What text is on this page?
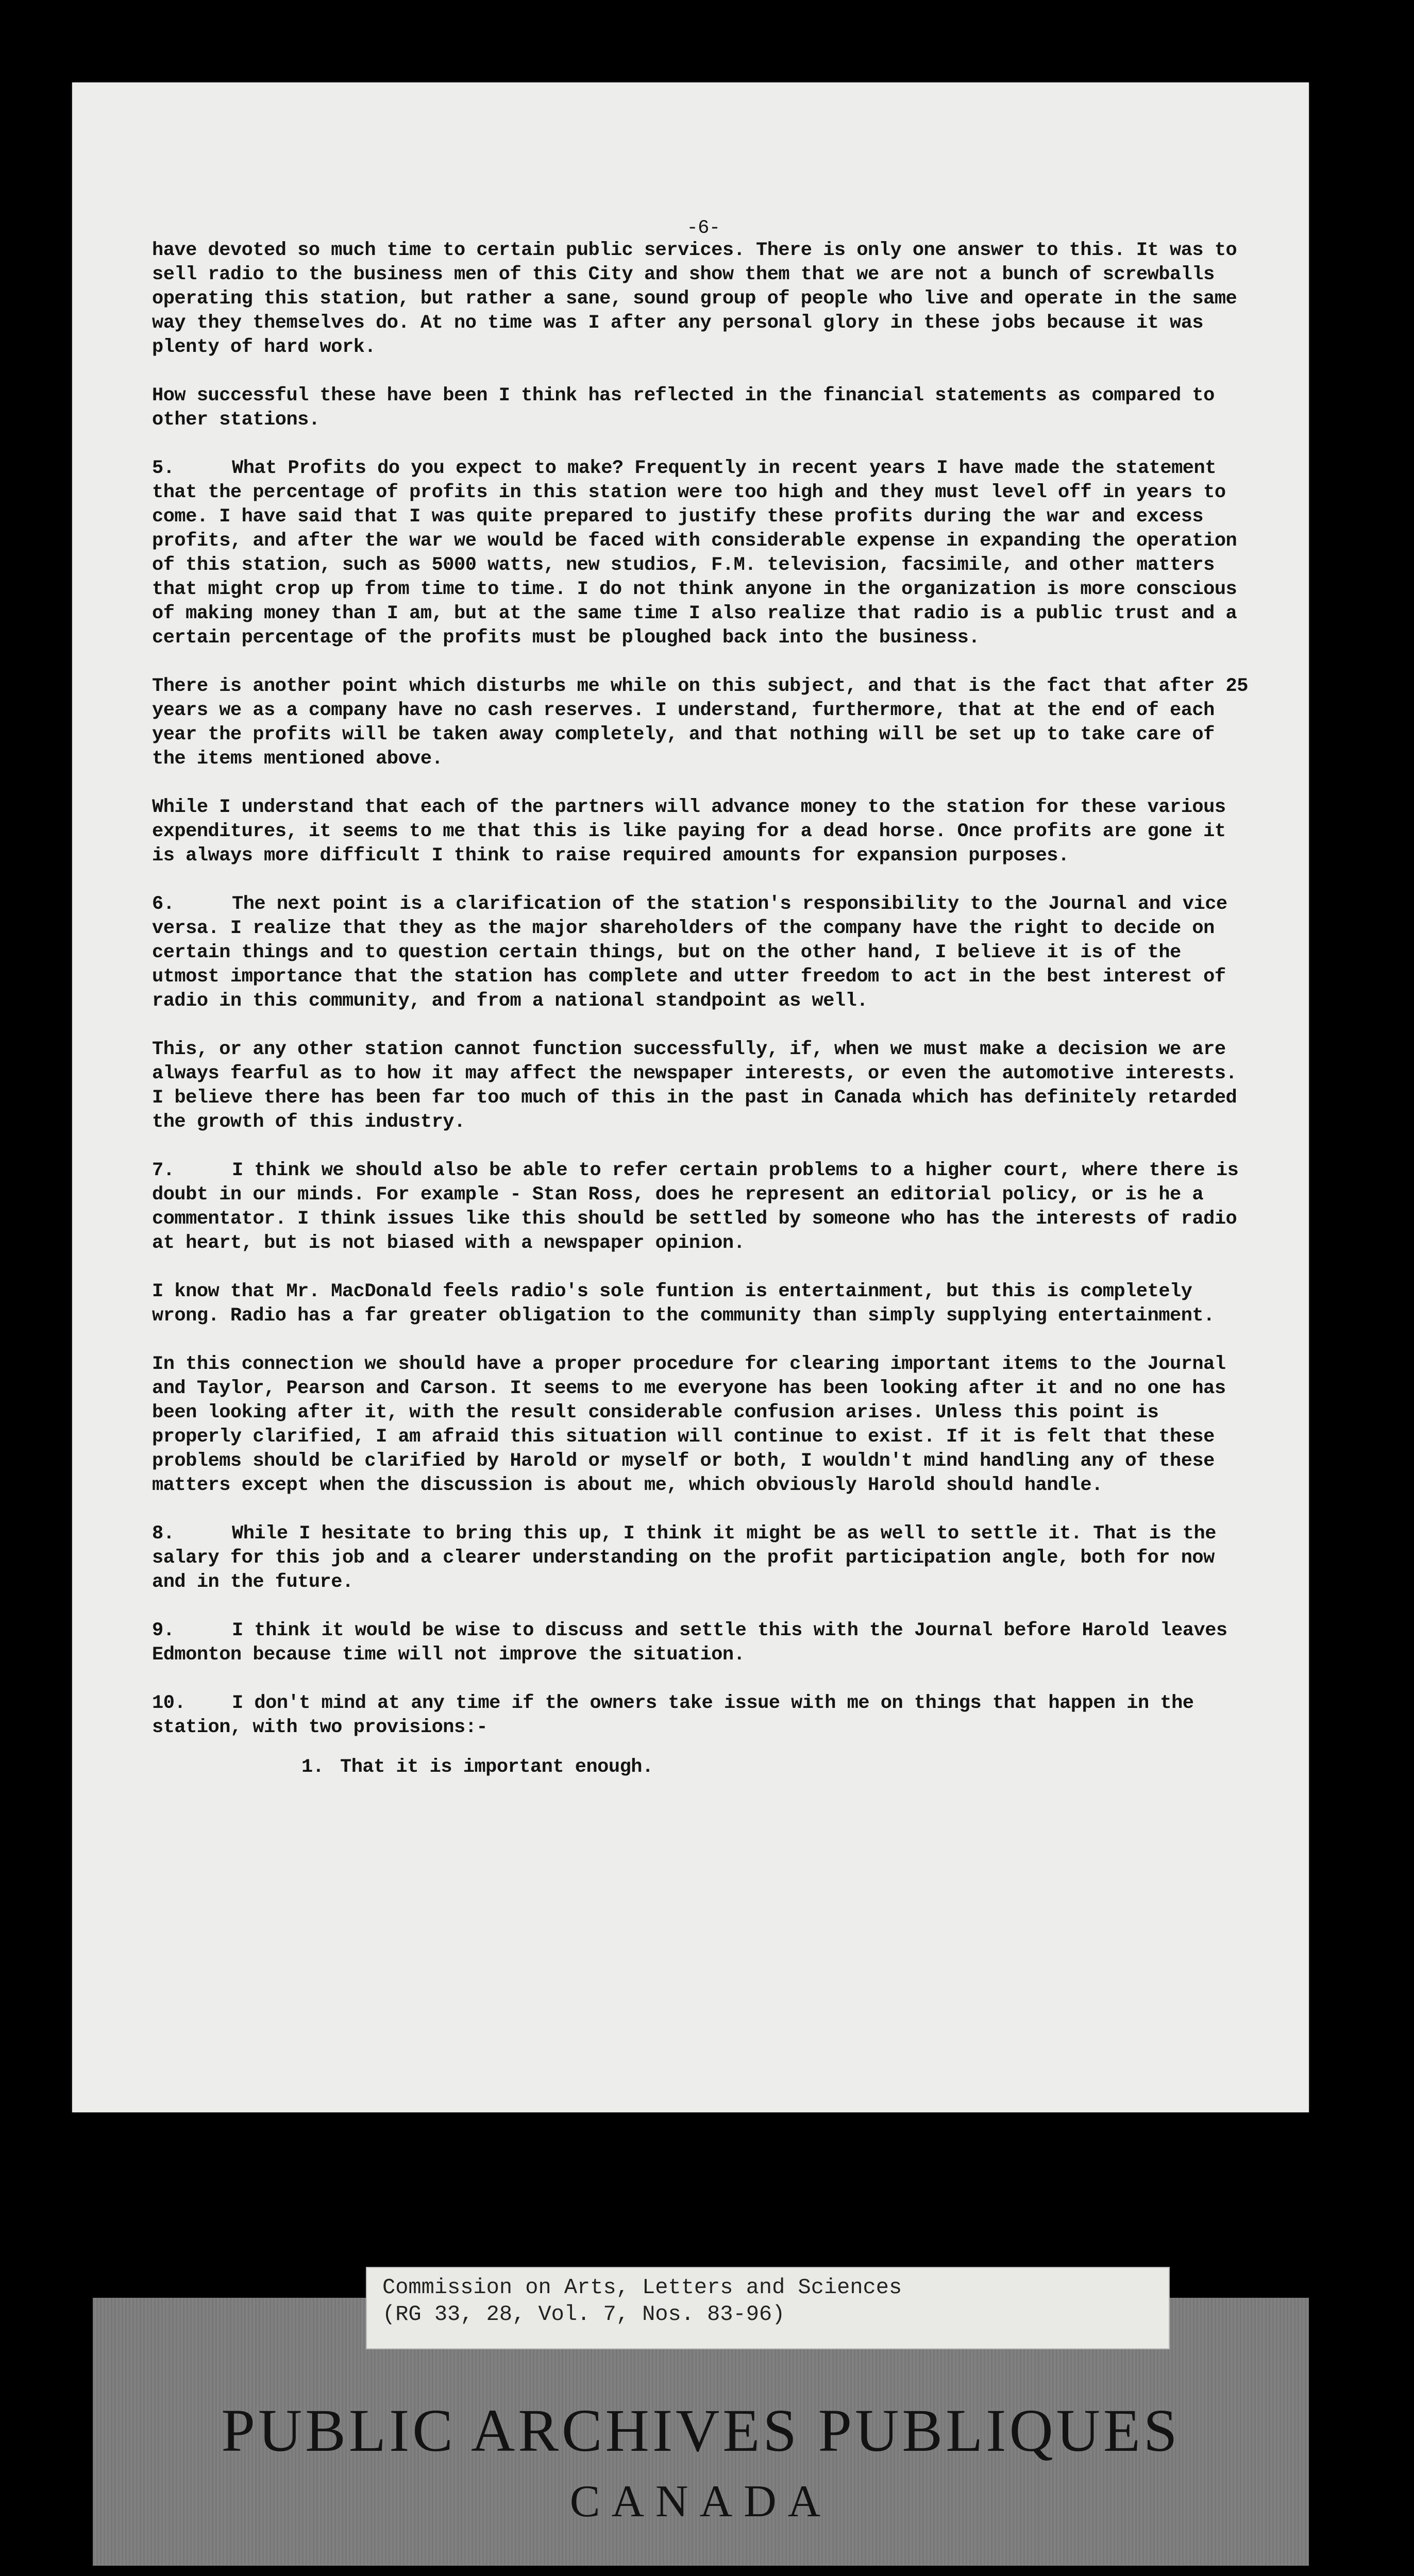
-6-

have devoted so much time to certain public services. There is only one answer to this. It was to sell radio to the business men of this City and show them that we are not a bunch of screwballs operating this station, but rather a sane, sound group of people who live and operate in the same way they themselves do. At no time was I after any personal glory in these jobs because it was plenty of hard work.

How successful these have been I think has reflected in the financial statements as compared to other stations.

5.	What Profits do you expect to make? Frequently in recent years I have made the statement that the percentage of profits in this station were too high and they must level off in years to come. I have said that I was quite prepared to justify these profits during the war and excess profits, and after the war we would be faced with considerable expense in expanding the operation of this station, such as 5000 watts, new studios, F.M. television, facsimile, and other matters that might crop up from time to time. I do not think anyone in the organization is more conscious of making money than I am, but at the same time I also realize that radio is a public trust and a certain percentage of the profits must be ploughed back into the business.

There is another point which disturbs me while on this subject, and that is the fact that after 25 years we as a company have no cash reserves. I understand, furthermore, that at the end of each year the profits will be taken away completely, and that nothing will be set up to take care of the items mentioned above.

While I understand that each of the partners will advance money to the station for these various expenditures, it seems to me that this is like paying for a dead horse. Once profits are gone it is always more difficult I think to raise required amounts for expansion purposes.

6.	The next point is a clarification of the station's responsibility to the Journal and vice versa. I realize that they as the major shareholders of the company have the right to decide on certain things and to question certain things, but on the other hand, I believe it is of the utmost importance that the station has complete and utter freedom to act in the best interest of radio in this community, and from a national standpoint as well.

This, or any other station cannot function successfully, if, when we must make a decision we are always fearful as to how it may affect the newspaper interests, or even the automotive interests. I believe there has been far too much of this in the past in Canada which has definitely retarded the growth of this industry.

7.	I think we should also be able to refer certain problems to a higher court, where there is doubt in our minds. For example - Stan Ross, does he represent an editorial policy, or is he a commentator. I think issues like this should be settled by someone who has the interests of radio at heart, but is not biased with a newspaper opinion.

I know that Mr. MacDonald feels radio's sole funtion is entertainment, but this is completely wrong. Radio has a far greater obligation to the community than simply supplying entertainment.

In this connection we should have a proper procedure for clearing important items to the Journal and Taylor, Pearson and Carson. It seems to me everyone has been looking after it and no one has been looking after it, with the result considerable confusion arises. Unless this point is properly clarified, I am afraid this situation will continue to exist. If it is felt that these problems should be clarified by Harold or myself or both, I wouldn't mind handling any of these matters except when the discussion is about me, which obviously Harold should handle.

8.	While I hesitate to bring this up, I think it might be as well to settle it. That is the salary for this job and a clearer understanding on the profit participation angle, both for now and in the future.

9.	I think it would be wise to discuss and settle this with the Journal before Harold leaves Edmonton because time will not improve the situation.

10. I don't mind at any time if the owners take issue with me on things that happen in the station, with two provisions:-

1. That it is important enough.

Commission on Arts, Letters and Sciences
(RG 33, 28, Vol. 7, Nos. 83-96)
PUBLIC ARCHIVES PUBLIQUES
CANADA
